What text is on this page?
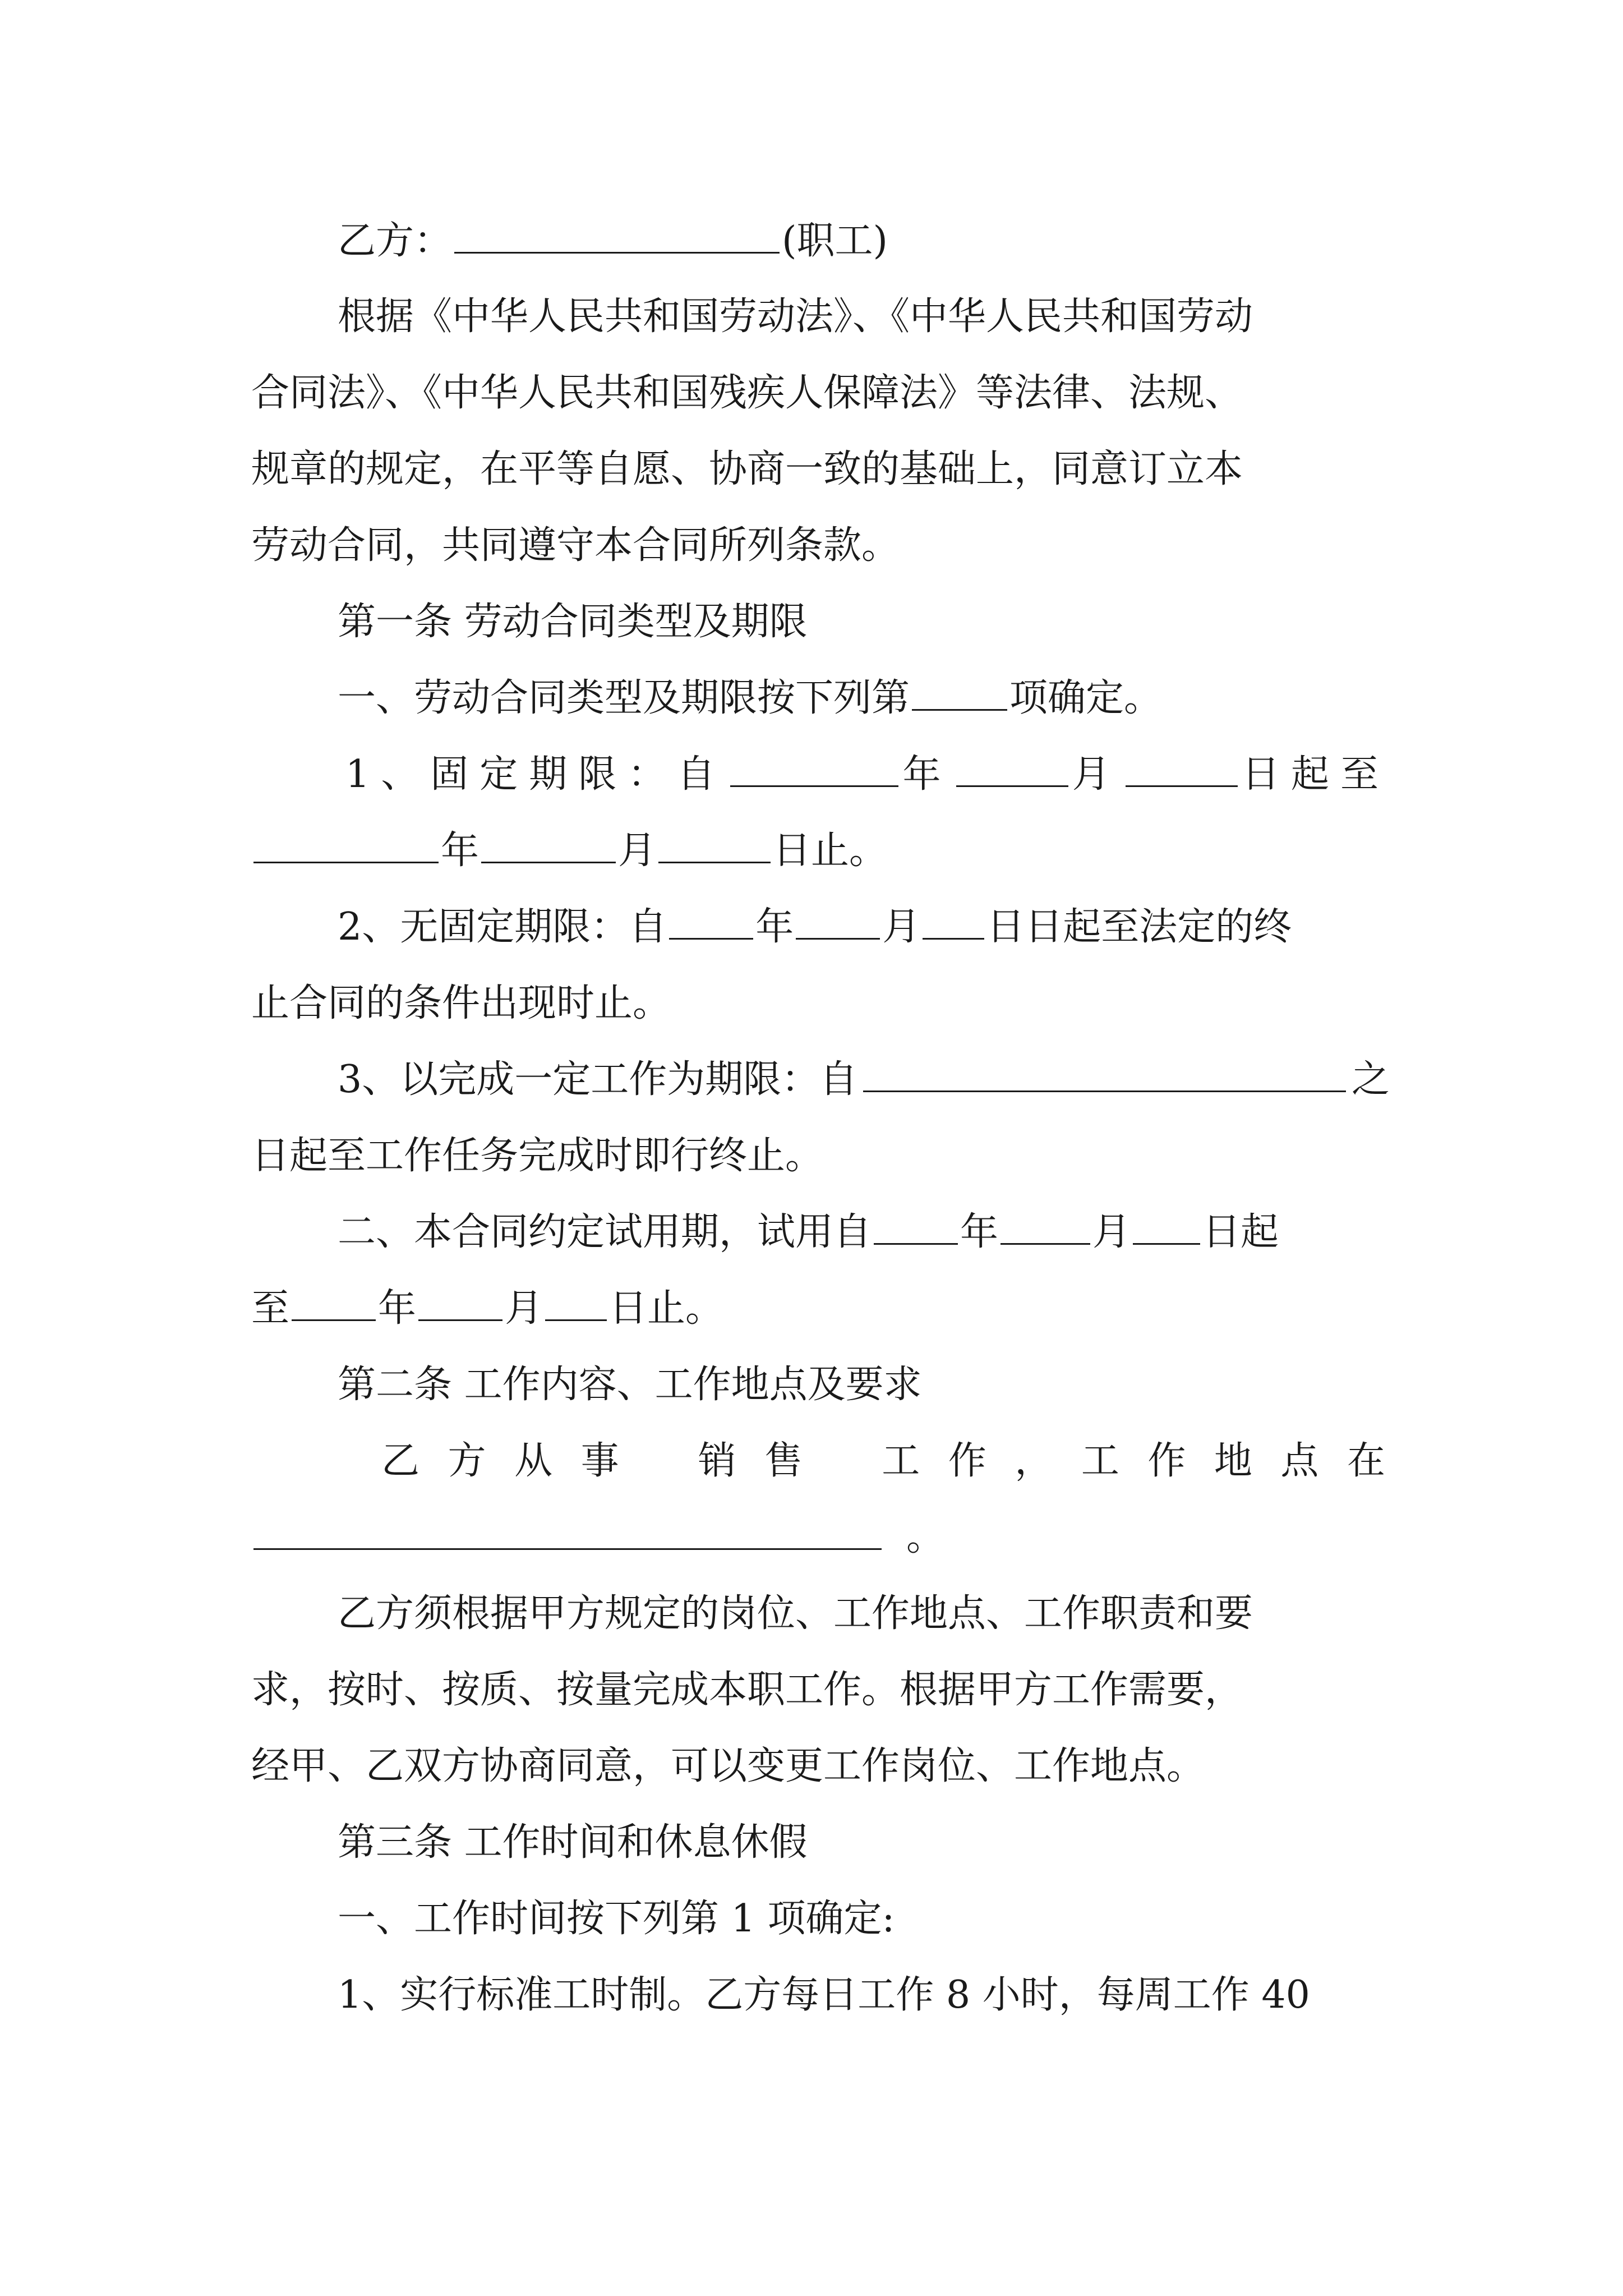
乙方：	(职工)
根据《中华人民共和国劳动法》、《中华人民共和国劳动
合同法》、《中华人民共和国残疾人保障法》等法律、法规、
规章的规定，在平等自愿、协商一致的基础上，同意订立本
劳动合同，共同遵守本合同所列条款。
第一条 劳动合同类型及期限
一、劳动合同类型及期限按下列第	项确定。
1、固定期限：自	年	月	日起至
年	月	日止。
2、无固定期限：自 年 月 日日起至法定的终
止合同的条件出现时止。
3、以完成一定工作为期限：自	之
日起至工作任务完成时即行终止。
二、本合同约定试用期，试用自 年 月 日起
至 年 月 日止。
第二条 工作内容、工作地点及要求
乙 方 从 事 销 售 工 作 ， 工 作 地 点 在
。
乙方须根据甲方规定的岗位、工作地点、工作职责和要
求，按时、按质、按量完成本职工作。根据甲方工作需要，
经甲、乙双方协商同意，可以变更工作岗位、工作地点。
第三条 工作时间和休息休假
一、工作时间按下列第 1 项确定:
1、实行标准工时制。乙方每日工作 8 小时，每周工作 40
